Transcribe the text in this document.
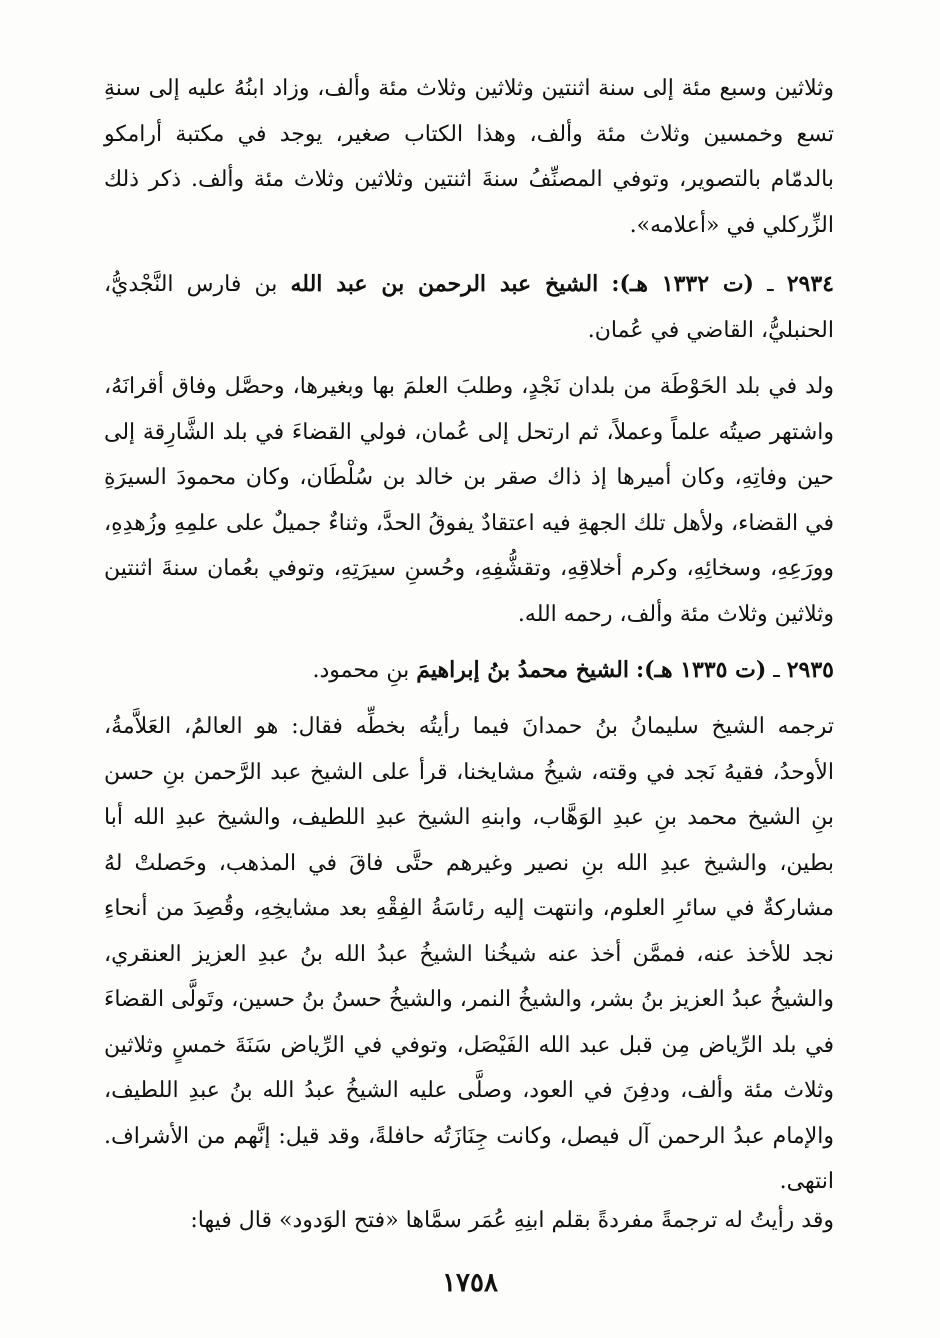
وثلاثين وسبع مئة إلى سنة اثنتين وثلاثين وثلاث مئة وألف، وزاد ابنُهُ عليه إلى سنةِ تسع وخمسين وثلاث مئة وألف، وهذا الكتاب صغير، يوجد في مكتبة أرامكو بالدمّام بالتصوير، وتوفي المصنِّفُ سنةَ اثنتين وثلاثين وثلاث مئة وألف. ذكر ذلك الزِّركلي في «أعلامه».

٢٩٣٤ ـ (ت ١٣٣٢ هـ): الشيخ عبد الرحمن بن عبد الله بن فارس النَّجْديُّ، الحنبليُّ، القاضي في عُمان.

ولد في بلد الحَوْطَة من بلدان نَجْدٍ، وطلبَ العلمَ بها وبغيرها، وحصَّل وفاق أقرانَهُ، واشتهر صيتُه علماً وعملاً، ثم ارتحل إلى عُمان، فولي القضاءَ في بلد الشَّارِقة إلى حين وفاتِهِ، وكان أميرها إذ ذاك صقر بن خالد بن سُلْطَان، وكان محمودَ السيرَةِ في القضاء، ولأهل تلك الجهةِ فيه اعتقادٌ يفوقُ الحدَّ، وثناءٌ جميلٌ على علمِهِ وزُهدِهِ، وورَعِهِ، وسخائِهِ، وكرم أخلاقِهِ، وتقشُّفِهِ، وحُسنِ سيرَتِهِ، وتوفي بعُمان سنةَ اثنتين وثلاثين وثلاث مئة وألف، رحمه الله.

٢٩٣٥ ـ (ت ١٣٣٥ هـ): الشيخ محمدُ بنُ إبراهيمَ بنِ محمود.

ترجمه الشيخ سليمانُ بنُ حمدانَ فيما رأيتُه بخطِّه فقال: هو العالمُ، العَلاَّمةُ، الأوحدُ، فقيهُ نَجد في وقته، شيخُ مشايخنا، قرأ على الشيخ عبد الرَّحمن بنِ حسن بنِ الشيخ محمد بنِ عبدِ الوَهَّاب، وابنهِ الشيخ عبدِ اللطيف، والشيخ عبدِ الله أبا بطين، والشيخ عبدِ الله بنِ نصير وغيرهم حتَّى فاقَ في المذهب، وحَصلتْ لهُ مشاركةٌ في سائرِ العلوم، وانتهت إليه رئاسَةُ الفِقْهِ بعد مشايخِهِ، وقُصِدَ من أنحاءِ نجد للأخذ عنه، فممَّن أخذ عنه شيخُنا الشيخُ عبدُ الله بنُ عبدِ العزيز العنقري، والشيخُ عبدُ العزيز بنُ بشر، والشيخُ النمر، والشيخُ حسنُ بنُ حسين، وتَولَّى القضاءَ في بلد الرِّياض مِن قبل عبد الله الفَيْصَل، وتوفي في الرِّياض سَنَةَ خمسٍ وثلاثين وثلاث مئة وألف، ودفِنَ في العود، وصلَّى عليه الشيخُ عبدُ الله بنُ عبدِ اللطيف، والإمام عبدُ الرحمن آل فيصل، وكانت جِنَازَتُه حافلةً، وقد قيل: إنَّهم من الأشراف. انتهى.

وقد رأيتُ له ترجمةً مفردةً بقلم ابنِهِ عُمَر سمَّاها «فتح الوَدود» قال فيها:

١٧٥٨
